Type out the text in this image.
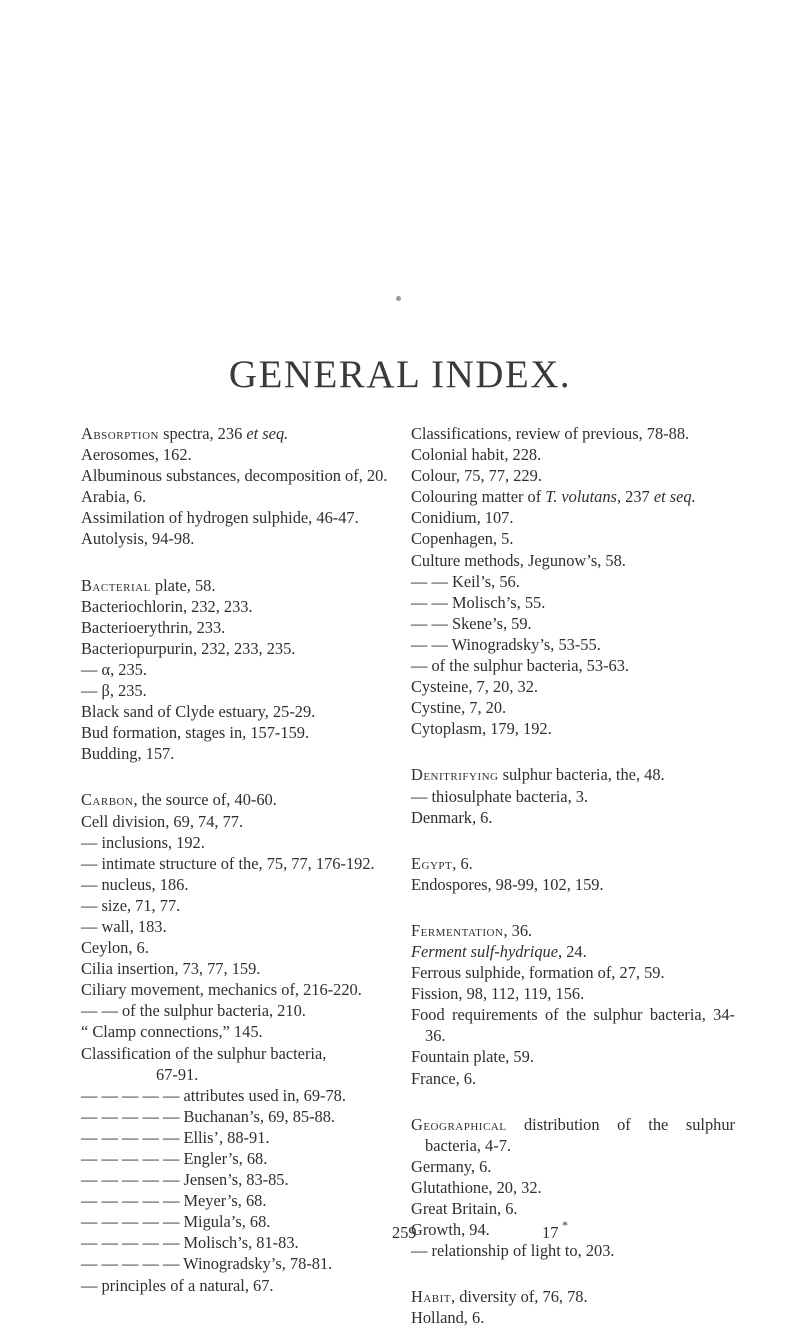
GENERAL INDEX.
Absorption spectra, 236 et seq.
Aerosomes, 162.
Albuminous substances, decomposition of, 20.
Arabia, 6.
Assimilation of hydrogen sulphide, 46-47.
Autolysis, 94-98.
Bacterial plate, 58.
Bacteriochlorin, 232, 233.
Bacterioerythrin, 233.
Bacteriopurpurin, 232, 233, 235.
— α, 235.
— β, 235.
Black sand of Clyde estuary, 25-29.
Bud formation, stages in, 157-159.
Budding, 157.
Carbon, the source of, 40-60.
Cell division, 69, 74, 77.
— inclusions, 192.
— intimate structure of the, 75, 77, 176-192.
— nucleus, 186.
— size, 71, 77.
— wall, 183.
Ceylon, 6.
Cilia insertion, 73, 77, 159.
Ciliary movement, mechanics of, 216-220.
— — of the sulphur bacteria, 210.
“ Clamp connections,” 145.
Classification of the sulphur bacteria,
67-91.
— — — — — attributes used in, 69-78.
— — — — — Buchanan’s, 69, 85-88.
— — — — — Ellis’, 88-91.
— — — — — Engler’s, 68.
— — — — — Jensen’s, 83-85.
— — — — — Meyer’s, 68.
— — — — — Migula’s, 68.
— — — — — Molisch’s, 81-83.
— — — — — Winogradsky’s, 78-81.
— principles of a natural, 67.
Classifications, review of previous, 78-88.
Colonial habit, 228.
Colour, 75, 77, 229.
Colouring matter of T. volutans, 237 et seq.
Conidium, 107.
Copenhagen, 5.
Culture methods, Jegunow’s, 58.
— — Keil’s, 56.
— — Molisch’s, 55.
— — Skene’s, 59.
— — Winogradsky’s, 53-55.
— of the sulphur bacteria, 53-63.
Cysteine, 7, 20, 32.
Cystine, 7, 20.
Cytoplasm, 179, 192.
Denitrifying sulphur bacteria, the, 48.
— thiosulphate bacteria, 3.
Denmark, 6.
Egypt, 6.
Endospores, 98-99, 102, 159.
Fermentation, 36.
Ferment sulf-hydrique, 24.
Ferrous sulphide, formation of, 27, 59.
Fission, 98, 112, 119, 156.
Food requirements of the sulphur bacteria, 34-36.
Fountain plate, 59.
France, 6.
Geographical distribution of the sulphur bacteria, 4-7.
Germany, 6.
Glutathione, 20, 32.
Great Britain, 6.
Growth, 94.
— relationship of light to, 203.
Habit, diversity of, 76, 78.
Holland, 6.
259	17 *
